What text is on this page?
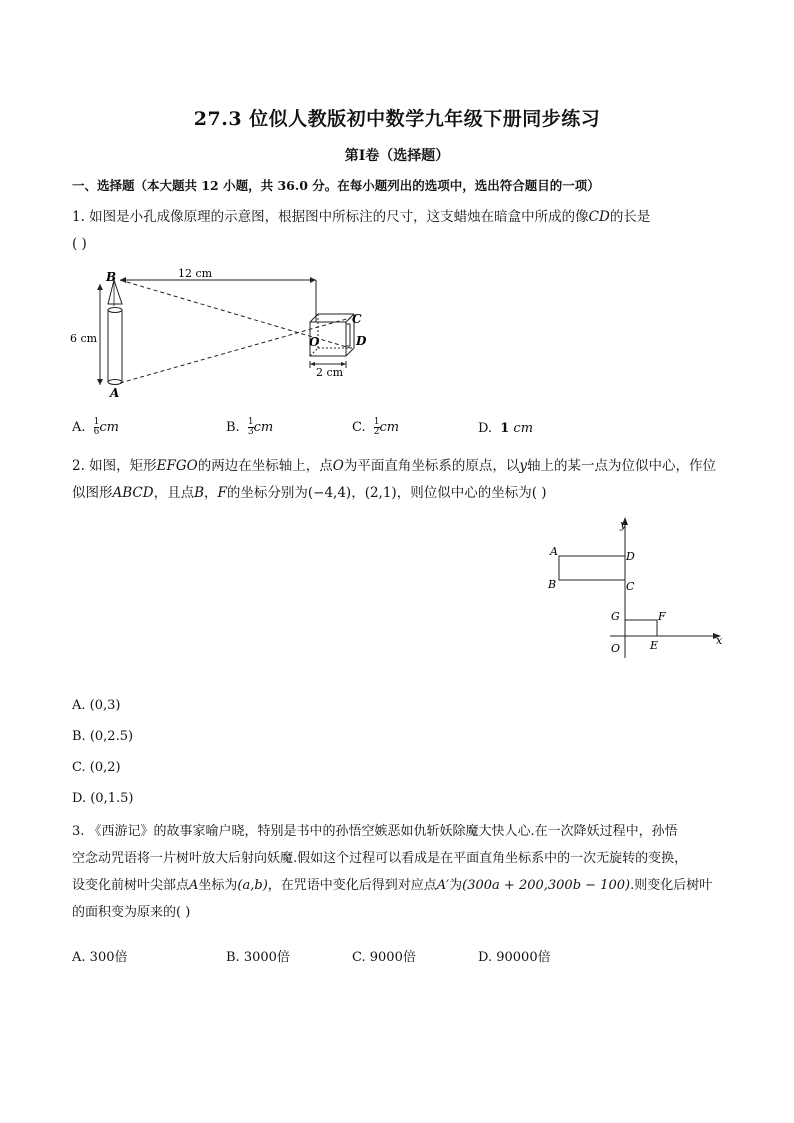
27.3 位似人教版初中数学九年级下册同步练习
第Ⅰ卷（选择题）
一、选择题（本大题共 12 小题，共 36.0 分。在每小题列出的选项中，选出符合题目的一项）
1. 如图是小孔成像原理的示意图，根据图中所标注的尺寸，这支蜡烛在暗盒中所成的像CD的长是
( )
B
A
O
C
D
12 cm
6 cm
2 cm
A. $\frac{1}{6}$ cm	B. $\frac{1}{3}$ cm	C. $\frac{1}{2}$ cm	D. 1 cm
2. 如图，矩形EFGO的两边在坐标轴上，点O为平面直角坐标系的原点，以y轴上的某一点为位似中心，作位
似图形ABCD，且点B，F的坐标分别为(−4,4)，(2,1)，则位似中心的坐标为( )
y
x
A
B	C
D
G	F
O	E
A. (0,3)
B. (0,2.5)
C. (0,2)
D. (0,1.5)
3. 《西游记》的故事家喻户晓，特别是书中的孙悟空嫉恶如仇斩妖除魔大快人心.在一次降妖过程中，孙悟
空念动咒语将一片树叶放大后射向妖魔.假如这个过程可以看成是在平面直角坐标系中的一次无旋转的变换，
设变化前树叶尖部点A坐标为(a,b)，在咒语中变化后得到对应点A′为(300a + 200,300b − 100).则变化后树叶
的面积变为原来的( )
A. 300倍	B. 3000倍	C. 9000倍	D. 90000倍
